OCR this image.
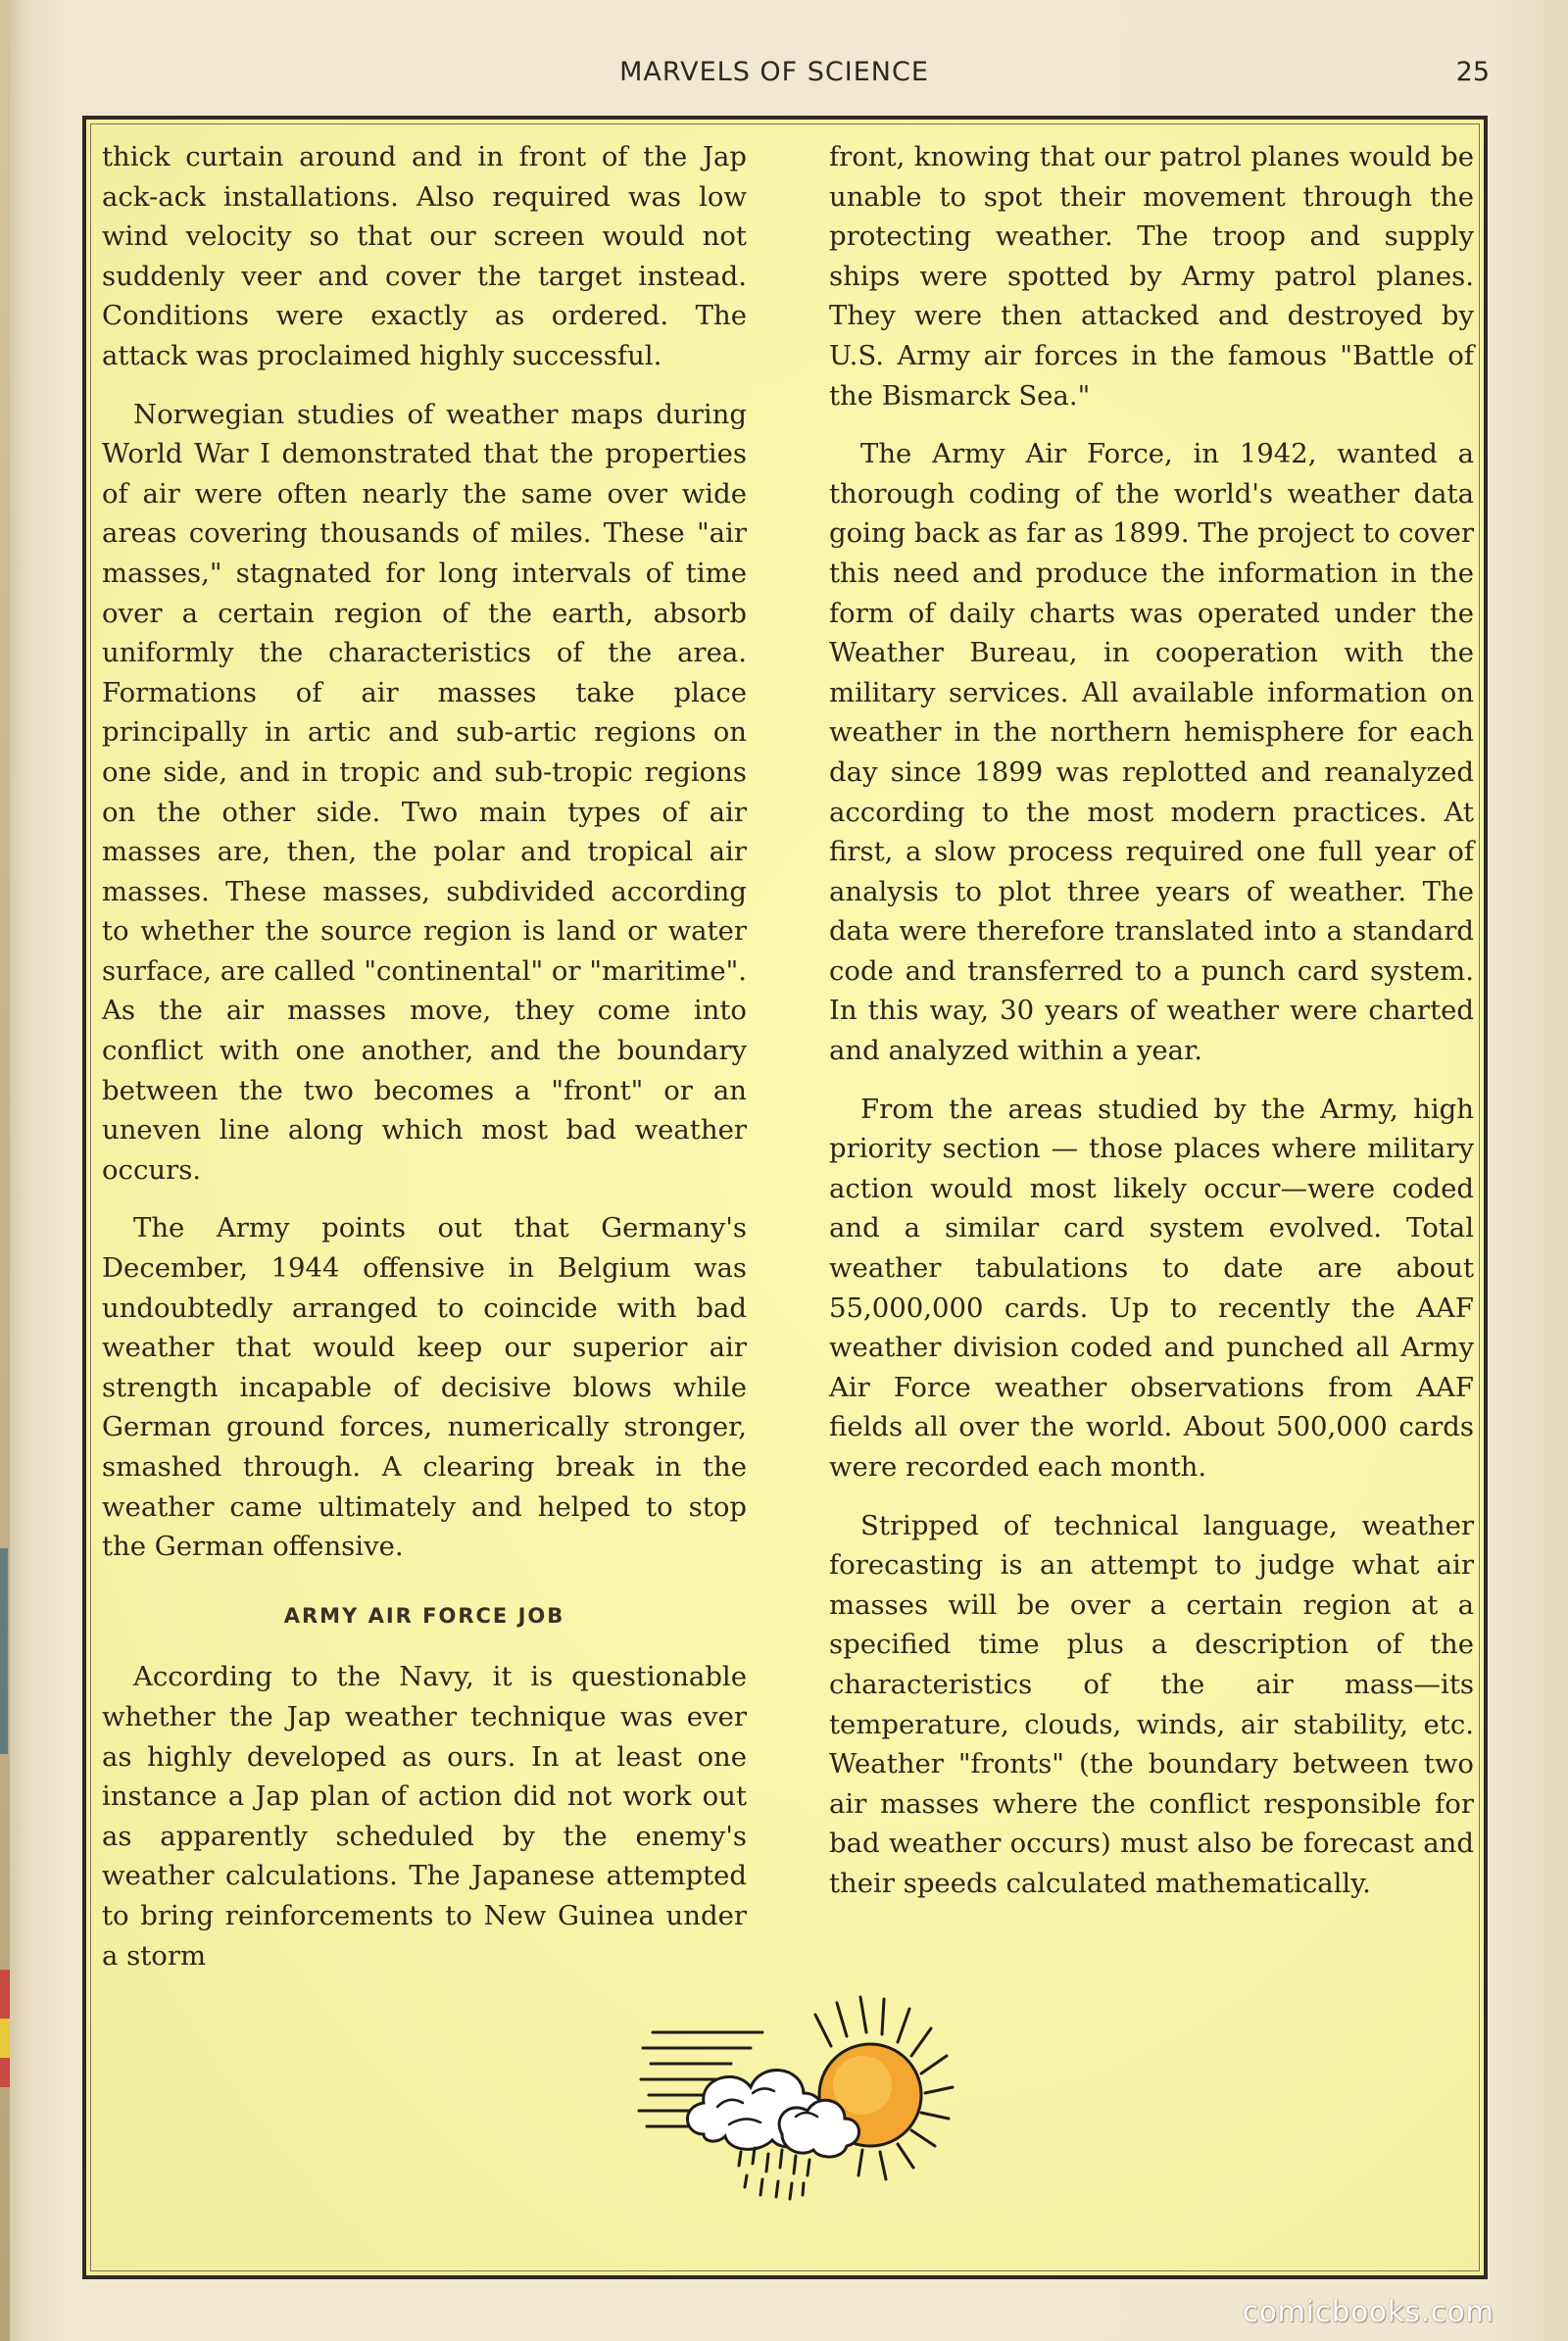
MARVELS OF SCIENCE	25

thick curtain around and in front of the Jap ack-ack installations. Also required was low wind velocity so that our screen would not suddenly veer and cover the target instead. Conditions were exactly as ordered. The attack was proclaimed highly successful.

Norwegian studies of weather maps during World War I demonstrated that the properties of air were often nearly the same over wide areas covering thousands of miles. These "air masses," stagnated for long intervals of time over a certain region of the earth, absorb uniformly the characteristics of the area. Formations of air masses take place principally in artic and sub-artic regions on one side, and in tropic and sub-tropic regions on the other side. Two main types of air masses are, then, the polar and tropical air masses. These masses, subdivided according to whether the source region is land or water surface, are called "continental" or "maritime". As the air masses move, they come into conflict with one another, and the boundary between the two becomes a "front" or an uneven line along which most bad weather occurs.

The Army points out that Germany's December, 1944 offensive in Belgium was undoubtedly arranged to coincide with bad weather that would keep our superior air strength incapable of decisive blows while German ground forces, numerically stronger, smashed through. A clearing break in the weather came ultimately and helped to stop the German offensive.

ARMY AIR FORCE JOB

According to the Navy, it is questionable whether the Jap weather technique was ever as highly developed as ours. In at least one instance a Jap plan of action did not work out as apparently scheduled by the enemy's weather calculations. The Japanese attempted to bring reinforcements to New Guinea under a storm

front, knowing that our patrol planes would be unable to spot their movement through the protecting weather. The troop and supply ships were spotted by Army patrol planes. They were then attacked and destroyed by U.S. Army air forces in the famous "Battle of the Bismarck Sea."

The Army Air Force, in 1942, wanted a thorough coding of the world's weather data going back as far as 1899. The project to cover this need and produce the information in the form of daily charts was operated under the Weather Bureau, in cooperation with the military services. All available information on weather in the northern hemisphere for each day since 1899 was replotted and reanalyzed according to the most modern practices. At first, a slow process required one full year of analysis to plot three years of weather. The data were therefore translated into a standard code and transferred to a punch card system. In this way, 30 years of weather were charted and analyzed within a year.

From the areas studied by the Army, high priority section — those places where military action would most likely occur—were coded and a similar card system evolved. Total weather tabulations to date are about 55,000,000 cards. Up to recently the AAF weather division coded and punched all Army Air Force weather observations from AAF fields all over the world. About 500,000 cards were recorded each month.

Stripped of technical language, weather forecasting is an attempt to judge what air masses will be over a certain region at a specified time plus a description of the characteristics of the air mass—its temperature, clouds, winds, air stability, etc. Weather "fronts" (the boundary between two air masses where the conflict responsible for bad weather occurs) must also be forecast and their speeds calculated mathematically.

comicbooks.com
